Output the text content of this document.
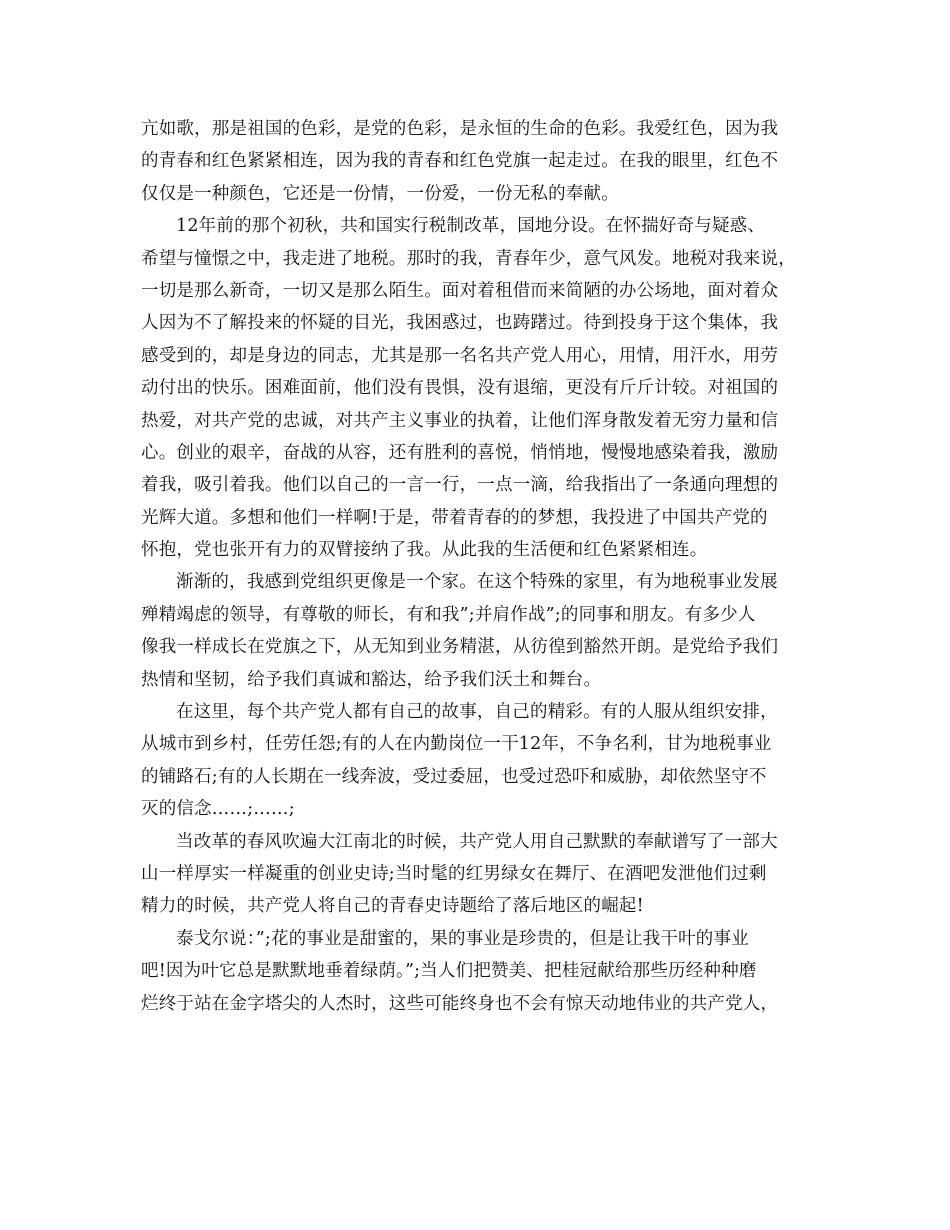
亢如歌，那是祖国的色彩，是党的色彩，是永恒的生命的色彩。我爱红色，因为我
的青春和红色紧紧相连，因为我的青春和红色党旗一起走过。在我的眼里，红色不
仅仅是一种颜色，它还是一份情，一份爱，一份无私的奉献。
12年前的那个初秋，共和国实行税制改革，国地分设。在怀揣好奇与疑惑、
希望与憧憬之中，我走进了地税。那时的我，青春年少，意气风发。地税对我来说，
一切是那么新奇，一切又是那么陌生。面对着租借而来简陋的办公场地，面对着众
人因为不了解投来的怀疑的目光，我困惑过，也踌躇过。待到投身于这个集体，我
感受到的，却是身边的同志，尤其是那一名名共产党人用心，用情，用汗水，用劳
动付出的快乐。困难面前，他们没有畏惧，没有退缩，更没有斤斤计较。对祖国的
热爱，对共产党的忠诚，对共产主义事业的执着，让他们浑身散发着无穷力量和信
心。创业的艰辛，奋战的从容，还有胜利的喜悦，悄悄地，慢慢地感染着我，激励
着我，吸引着我。他们以自己的一言一行，一点一滴，给我指出了一条通向理想的
光辉大道。多想和他们一样啊!于是，带着青春的的梦想，我投进了中国共产党的
怀抱，党也张开有力的双臂接纳了我。从此我的生活便和红色紧紧相连。
渐渐的，我感到党组织更像是一个家。在这个特殊的家里，有为地税事业发展
殚精竭虑的领导，有尊敬的师长，有和我”;并肩作战”;的同事和朋友。有多少人
像我一样成长在党旗之下，从无知到业务精湛，从彷徨到豁然开朗。是党给予我们
热情和坚韧，给予我们真诚和豁达，给予我们沃土和舞台。
在这里，每个共产党人都有自己的故事，自己的精彩。有的人服从组织安排，
从城市到乡村，任劳任怨;有的人在内勤岗位一干12年，不争名利，甘为地税事业
的铺路石;有的人长期在一线奔波，受过委屈，也受过恐吓和威胁，却依然坚守不
灭的信念……;……;
当改革的春风吹遍大江南北的时候，共产党人用自己默默的奉献谱写了一部大
山一样厚实一样凝重的创业史诗;当时髦的红男绿女在舞厅、在酒吧发泄他们过剩
精力的时候，共产党人将自己的青春史诗题给了落后地区的崛起!
泰戈尔说：”;花的事业是甜蜜的，果的事业是珍贵的，但是让我干叶的事业
吧!因为叶它总是默默地垂着绿荫。”;当人们把赞美、把桂冠献给那些历经种种磨
烂终于站在金字塔尖的人杰时，这些可能终身也不会有惊天动地伟业的共产党人，
